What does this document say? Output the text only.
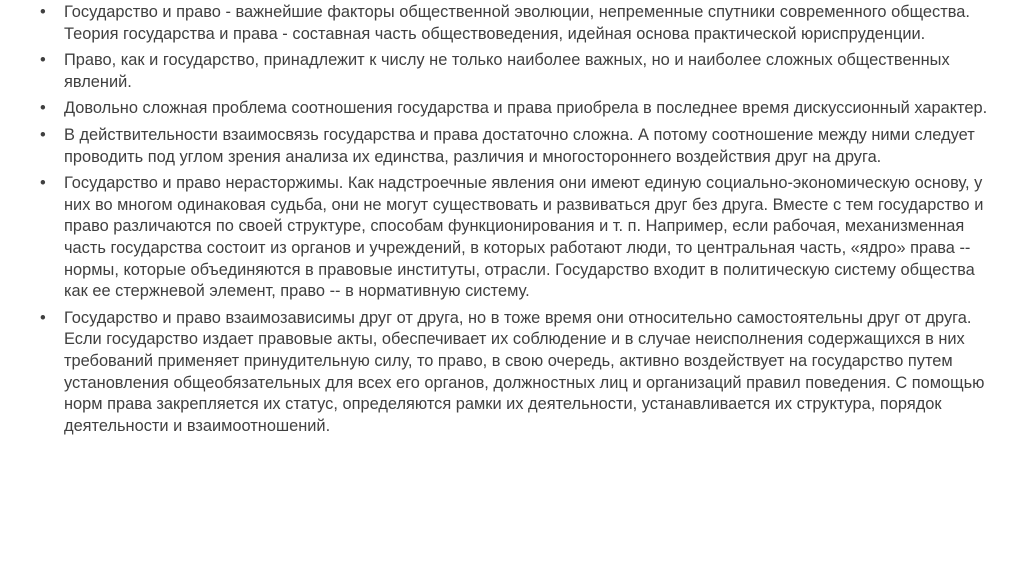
•	Государство и право - важнейшие факторы общественной эволюции, непременные спутники современного общества. Теория государства и права - составная часть обществоведения, идейная основа практической юриспруденции.
•	Право, как и государство, принадлежит к числу не только наиболее важных, но и наиболее сложных общественных явлений.
•	Довольно сложная проблема соотношения государства и права приобрела в последнее время дискуссионный характер.
•	В действительности взаимосвязь государства и права достаточно сложна. А потому соотношение между ними следует проводить под углом зрения анализа их единства, различия и многостороннего воздействия друг на друга.
•	Государство и право нерасторжимы. Как надстроечные явления они имеют единую социально-экономическую основу, у них во многом одинаковая судьба, они не могут существовать и развиваться друг без друга. Вместе с тем государство и право различаются по своей структуре, способам функционирования и т. п. Например, если рабочая, механизменная часть государства состоит из органов и учреждений, в которых работают люди, то центральная часть, «ядро» права -- нормы, которые объединяются в правовые институты, отрасли. Государство входит в политическую систему общества как ее стержневой элемент, право -- в нормативную систему.
•	Государство и право взаимозависимы друг от друга, но в тоже время они относительно самостоятельны друг от друга. Если государство издает правовые акты, обеспечивает их соблюдение и в случае неисполнения содержащихся в них требований применяет принудительную силу, то право, в свою очередь, активно воздействует на государство путем установления общеобязательных для всех его органов, должностных лиц и организаций правил поведения. С помощью норм права закрепляется их статус, определяются рамки их деятельности, устанавливается их структура, порядок деятельности и взаимоотношений.
